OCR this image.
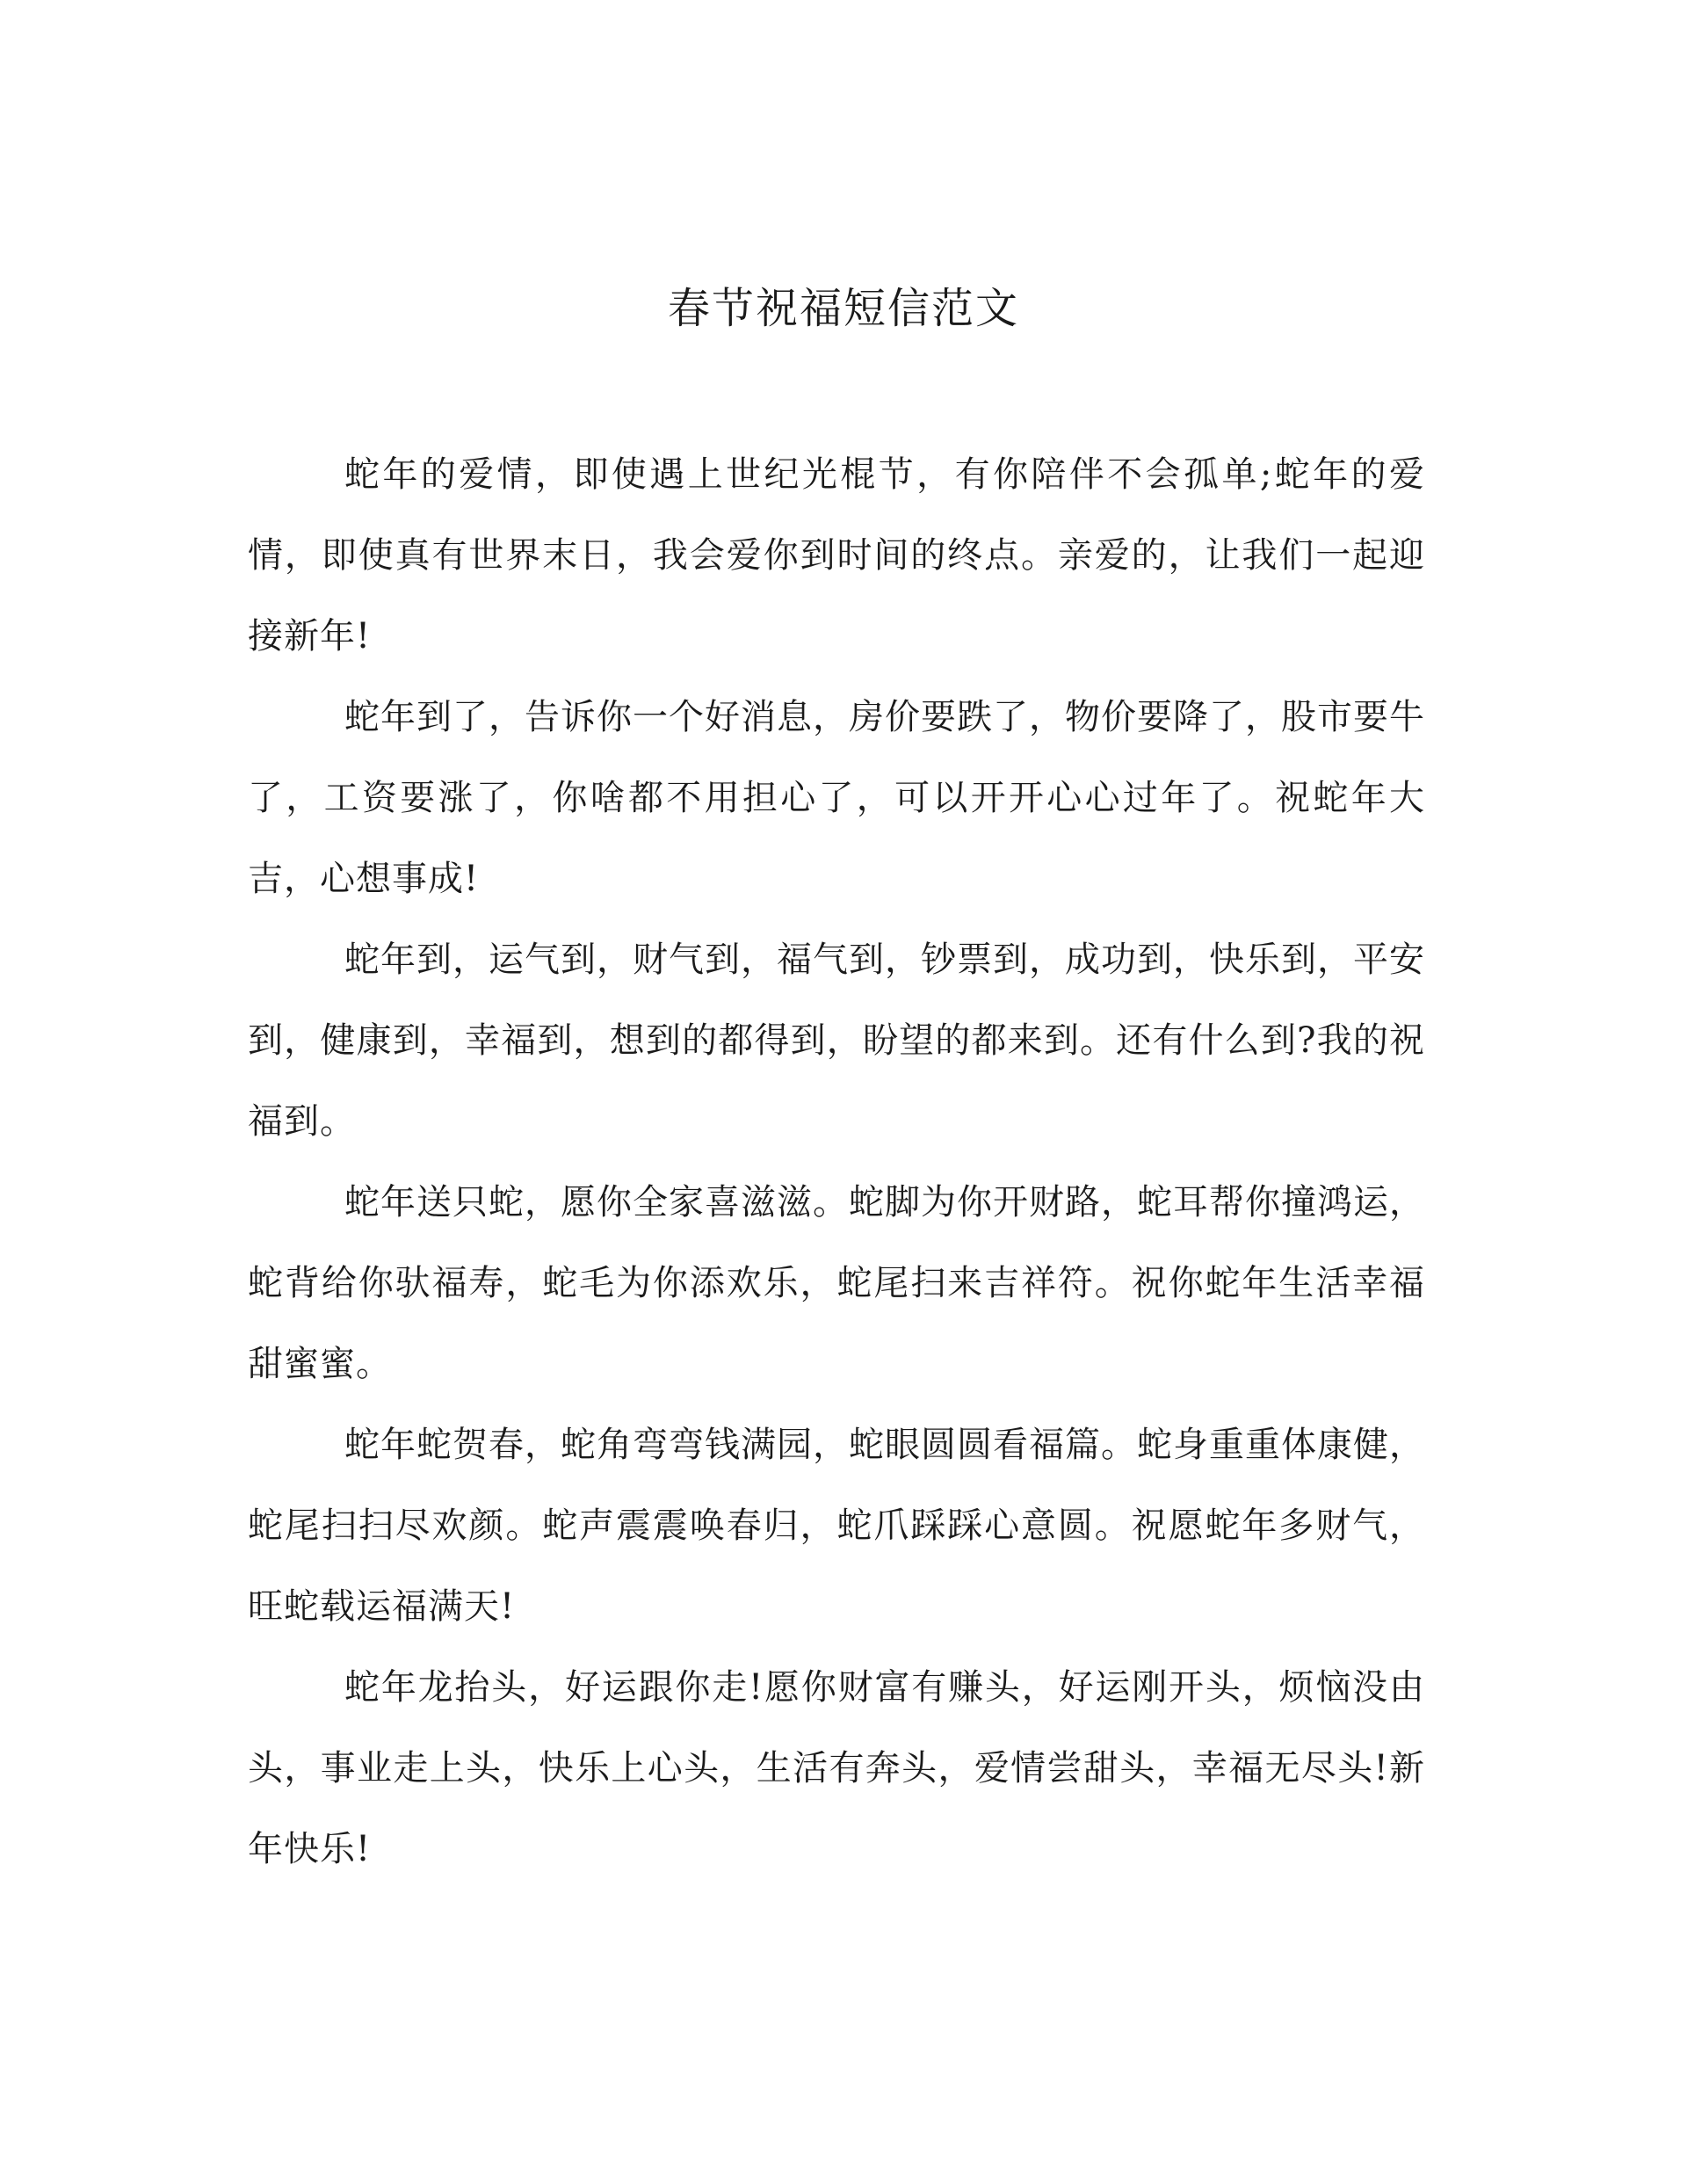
春节祝福短信范文

蛇年的爱情，即使遇上世纪光棍节，有你陪伴不会孤单;蛇年的爱情，即使真有世界末日，我会爱你到时间的终点。亲爱的，让我们一起迎接新年!

蛇年到了，告诉你一个好消息，房价要跌了，物价要降了，股市要牛了，工资要涨了，你啥都不用担心了，可以开开心心过年了。祝蛇年大吉，心想事成!

蛇年到，运气到，财气到，福气到，钞票到，成功到，快乐到，平安到，健康到，幸福到，想到的都得到，盼望的都来到。还有什么到?我的祝福到。

蛇年送只蛇，愿你全家喜滋滋。蛇脚为你开财路，蛇耳帮你撞鸿运，蛇背给你驮福寿，蛇毛为你添欢乐，蛇尾扫来吉祥符。祝你蛇年生活幸福甜蜜蜜。

蛇年蛇贺春，蛇角弯弯钱满园，蛇眼圆圆看福篇。蛇身重重体康健，蛇尾扫扫尽欢颜。蛇声震震唤春归，蛇爪踩踩心意圆。祝愿蛇年多财气，旺蛇载运福满天!

蛇年龙抬头，好运跟你走!愿你财富有赚头，好运刚开头，烦恼没由头，事业走上头，快乐上心头，生活有奔头，爱情尝甜头，幸福无尽头!新年快乐!
